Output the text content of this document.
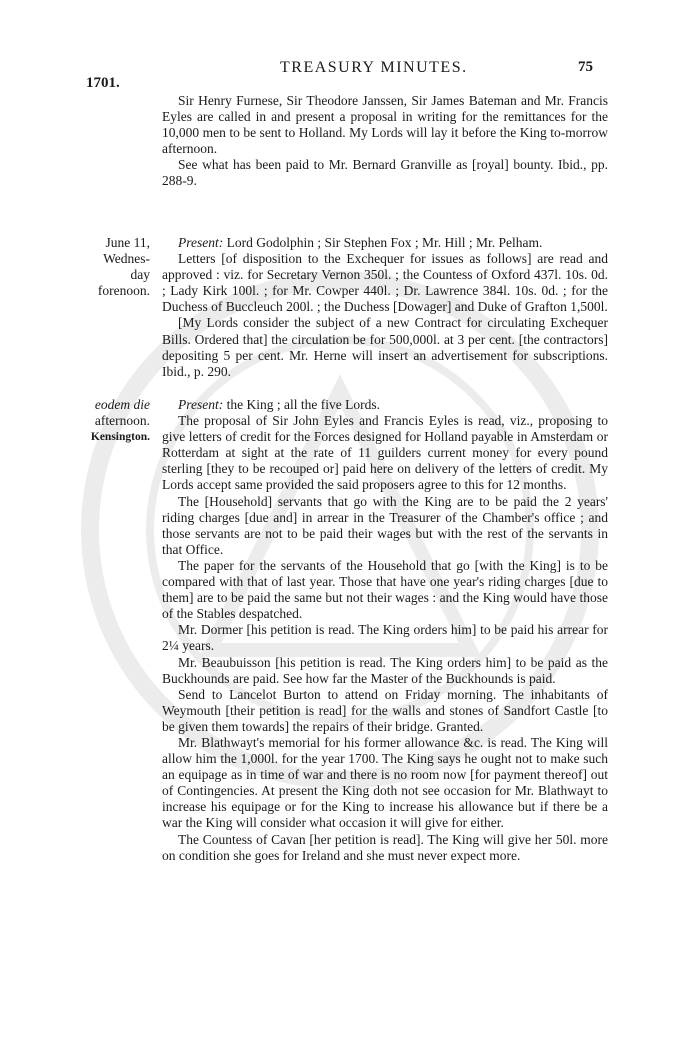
1701.
TREASURY MINUTES.	75

Sir Henry Furnese, Sir Theodore Janssen, Sir James Bateman and Mr. Francis Eyles are called in and present a proposal in writing for the remittances for the 10,000 men to be sent to Holland. My Lords will lay it before the King to-morrow afternoon.

See what has been paid to Mr. Bernard Granville as [royal] bounty. Ibid., pp. 288-9.

June 11,
Wednes-
day
forenoon.

Present: Lord Godolphin ; Sir Stephen Fox ; Mr. Hill ; Mr. Pelham.

Letters [of disposition to the Exchequer for issues as follows] are read and approved : viz. for Secretary Vernon 350l. ; the Countess of Oxford 437l. 10s. 0d. ; Lady Kirk 100l. ; for Mr. Cowper 440l. ; Dr. Lawrence 384l. 10s. 0d. ; for the Duchess of Buccleuch 200l. ; the Duchess [Dowager] and Duke of Grafton 1,500l.

[My Lords consider the subject of a new Contract for circulating Exchequer Bills. Ordered that] the circulation be for 500,000l. at 3 per cent. [the contractors] depositing 5 per cent. Mr. Herne will insert an advertisement for subscriptions. Ibid., p. 290.

eodem die
afternoon.
Kensington.

Present: the King ; all the five Lords.

The proposal of Sir John Eyles and Francis Eyles is read, viz., proposing to give letters of credit for the Forces designed for Holland payable in Amsterdam or Rotterdam at sight at the rate of 11 guilders current money for every pound sterling [they to be recouped or] paid here on delivery of the letters of credit. My Lords accept same provided the said proposers agree to this for 12 months.

The [Household] servants that go with the King are to be paid the 2 years' riding charges [due and] in arrear in the Treasurer of the Chamber's office ; and those servants are not to be paid their wages but with the rest of the servants in that Office.

The paper for the servants of the Household that go [with the King] is to be compared with that of last year. Those that have one year's riding charges [due to them] are to be paid the same but not their wages : and the King would have those of the Stables despatched.

Mr. Dormer [his petition is read. The King orders him] to be paid his arrear for 2¼ years.

Mr. Beaubuisson [his petition is read. The King orders him] to be paid as the Buckhounds are paid. See how far the Master of the Buckhounds is paid.

Send to Lancelot Burton to attend on Friday morning. The inhabitants of Weymouth [their petition is read] for the walls and stones of Sandfort Castle [to be given them towards] the repairs of their bridge. Granted.

Mr. Blathwayt's memorial for his former allowance &c. is read. The King will allow him the 1,000l. for the year 1700. The King says he ought not to make such an equipage as in time of war and there is no room now [for payment thereof] out of Contingencies. At present the King doth not see occasion for Mr. Blathwayt to increase his equipage or for the King to increase his allowance but if there be a war the King will consider what occasion it will give for either.

The Countess of Cavan [her petition is read]. The King will give her 50l. more on condition she goes for Ireland and she must never expect more.
